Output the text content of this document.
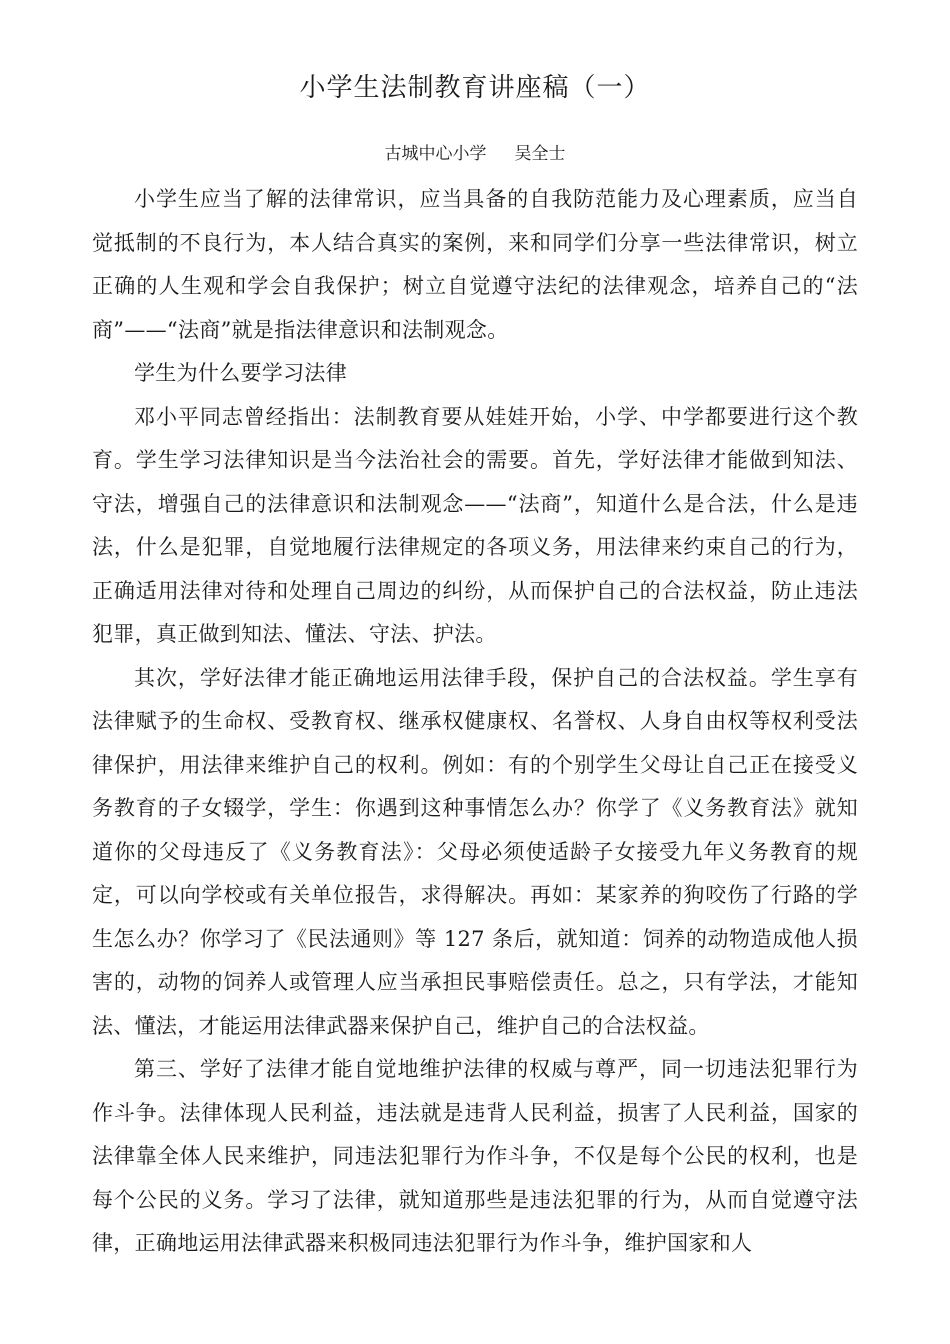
小学生法制教育讲座稿（一）
古城中心小学 吴全士

小学生应当了解的法律常识，应当具备的自我防范能力及心理素质，应当自觉抵制的不良行为，本人结合真实的案例，来和同学们分享一些法律常识，树立正确的人生观和学会自我保护；树立自觉遵守法纪的法律观念，培养自己的“法商”——“法商”就是指法律意识和法制观念。

学生为什么要学习法律

邓小平同志曾经指出：法制教育要从娃娃开始，小学、中学都要进行这个教育。学生学习法律知识是当今法治社会的需要。首先，学好法律才能做到知法、守法，增强自己的法律意识和法制观念——“法商”，知道什么是合法，什么是违法，什么是犯罪，自觉地履行法律规定的各项义务，用法律来约束自己的行为，正确适用法律对待和处理自己周边的纠纷，从而保护自己的合法权益，防止违法犯罪，真正做到知法、懂法、守法、护法。

其次，学好法律才能正确地运用法律手段，保护自己的合法权益。学生享有法律赋予的生命权、受教育权、继承权健康权、名誉权、人身自由权等权利受法律保护，用法律来维护自己的权利。例如：有的个别学生父母让自己正在接受义务教育的子女辍学，学生：你遇到这种事情怎么办？你学了《义务教育法》就知道你的父母违反了《义务教育法》：父母必须使适龄子女接受九年义务教育的规定，可以向学校或有关单位报告，求得解决。再如：某家养的狗咬伤了行路的学生怎么办？你学习了《民法通则》等 127 条后，就知道：饲养的动物造成他人损害的，动物的饲养人或管理人应当承担民事赔偿责任。总之，只有学法，才能知法、懂法，才能运用法律武器来保护自己，维护自己的合法权益。

第三、学好了法律才能自觉地维护法律的权威与尊严，同一切违法犯罪行为作斗争。法律体现人民利益，违法就是违背人民利益，损害了人民利益，国家的法律靠全体人民来维护，同违法犯罪行为作斗争，不仅是每个公民的权利，也是每个公民的义务。学习了法律，就知道那些是违法犯罪的行为，从而自觉遵守法律，正确地运用法律武器来积极同违法犯罪行为作斗争，维护国家和人
